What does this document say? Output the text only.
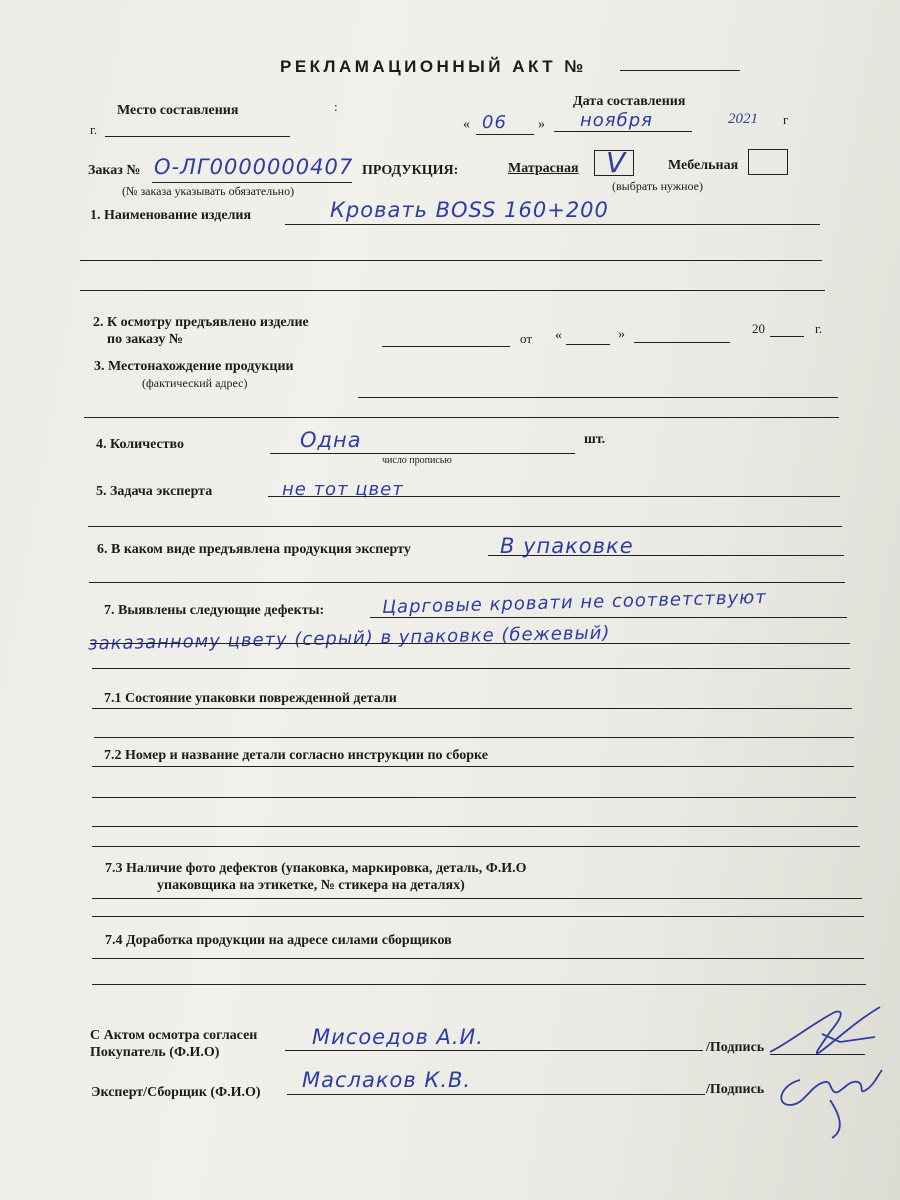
РЕКЛАМАЦИОННЫЙ АКТ №
Место составления	:
г.
Дата составления
« 06 » ноября	2021 г
Заказ № О-ЛГ0000000407
(№ заказа указывать обязательно)
ПРОДУКЦИЯ:	Матрасная V	Мебельная
(выбрать нужное)
1. Наименование изделия	Кровать BOSS 160+200
2. К осмотру предъявлено изделие
по заказу №	от «	»	20	г.
3. Местонахождение продукции
(фактический адрес)
4. Количество	Одна	шт.
число прописью
5. Задача эксперта	не тот цвет
6. В каком виде предъявлена продукция эксперту	В упаковке
7. Выявлены следующие дефекты:	Царговые кровати не соответствуют
заказанному цвету (серый) в упаковке (бежевый)
7.1 Состояние упаковки поврежденной детали
7.2 Номер и название детали согласно инструкции по сборке
7.3 Наличие фото дефектов (упаковка, маркировка, деталь, Ф.И.О
упаковщика на этикетке, № стикера на деталях)
7.4 Доработка продукции на адресе силами сборщиков
С Актом осмотра согласен
Покупатель (Ф.И.О)
Мисоедов А.И.	/Подпись
Эксперт/Сборщик (Ф.И.О)
Маслаков К.В.	/Подпись
